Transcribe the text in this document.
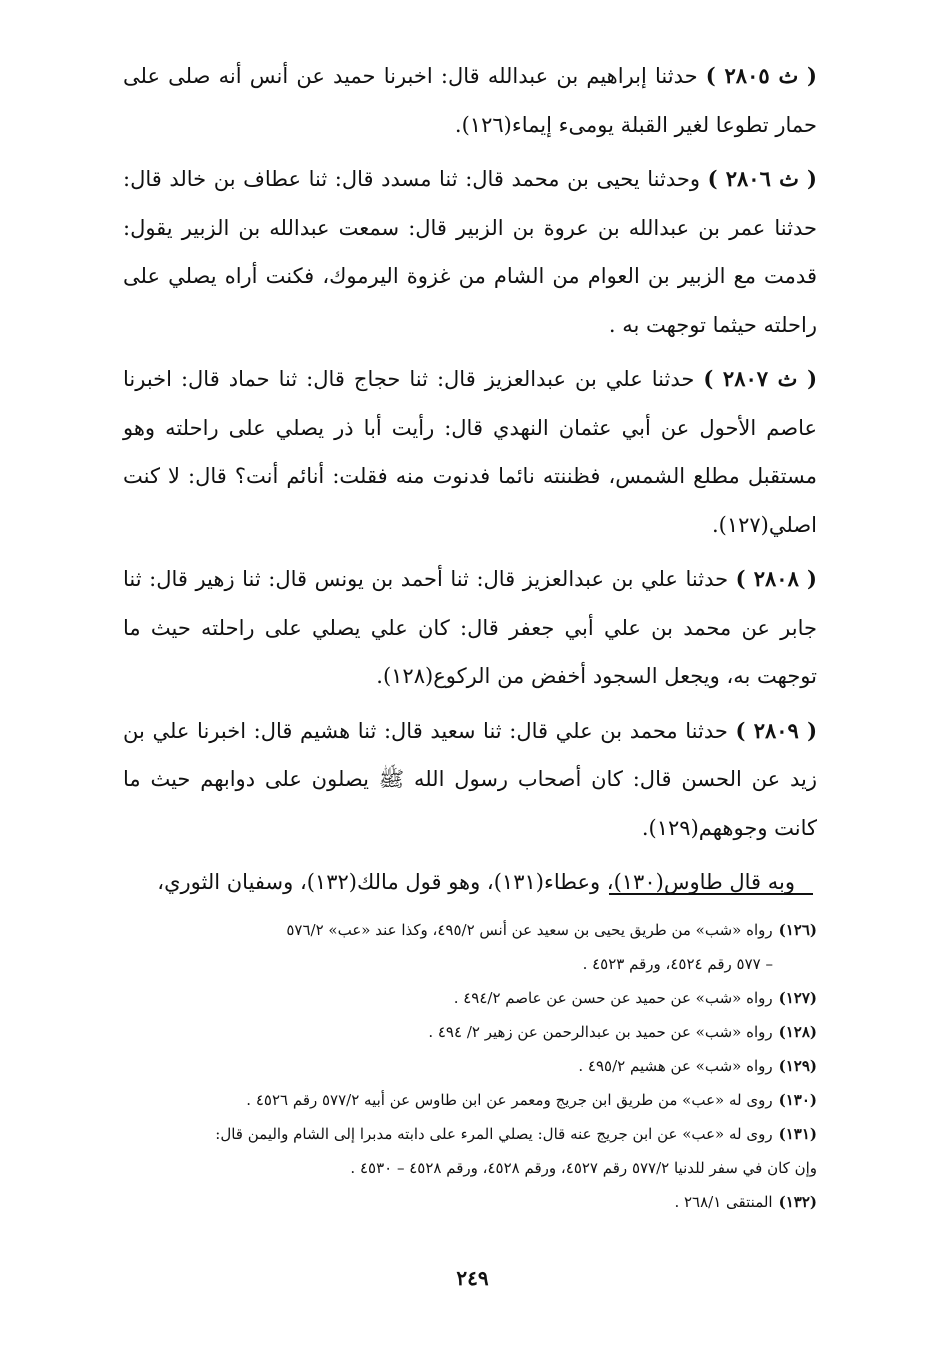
( ث ٢٨٠٥ ) حدثنا إبراهيم بن عبدالله قال: اخبرنا حميد عن أنس أنه صلى على حمار تطوعا لغير القبلة يومىء إيماء(١٢٦).

( ث ٢٨٠٦ ) وحدثنا يحيى بن محمد قال: ثنا مسدد قال: ثنا عطاف بن خالد قال: حدثنا عمر بن عبدالله بن عروة بن الزبير قال: سمعت عبدالله بن الزبير يقول: قدمت مع الزبير بن العوام من الشام من غزوة اليرموك، فكنت أراه يصلي على راحلته حيثما توجهت به .

( ث ٢٨٠٧ ) حدثنا علي بن عبدالعزيز قال: ثنا حجاج قال: ثنا حماد قال: اخبرنا عاصم الأحول عن أبي عثمان النهدي قال: رأيت أبا ذر يصلي على راحلته وهو مستقبل مطلع الشمس، فظننته نائما فدنوت منه فقلت: أنائم أنت؟ قال: لا كنت اصلي(١٢٧).

( ٢٨٠٨ ) حدثنا علي بن عبدالعزيز قال: ثنا أحمد بن يونس قال: ثنا زهير قال: ثنا جابر عن محمد بن علي أبي جعفر قال: كان علي يصلي على راحلته حيث ما توجهت به، ويجعل السجود أخفض من الركوع(١٢٨).

( ٢٨٠٩ ) حدثنا محمد بن علي قال: ثنا سعيد قال: ثنا هشيم قال: اخبرنا علي بن زيد عن الحسن قال: كان أصحاب رسول الله ﷺ يصلون على دوابهم حيث ما كانت وجوههم(١٢٩).

وبه قال طاوس(١٣٠)، وعطاء(١٣١)، وهو قول مالك(١٣٢)، وسفيان الثوري،

(١٢٦)رواه «شب» من طريق يحيى بن سعيد عن أنس ٤٩٥/٢، وكذا عند «عب» ٥٧٦/٢
– ٥٧٧ رقم ٤٥٢٤، ورقم ٤٥٢٣ .

(١٢٧)رواه «شب» عن حميد عن حسن عن عاصم ٤٩٤/٢ .

(١٢٨)رواه «شب» عن حميد بن عبدالرحمن عن زهير ٢/ ٤٩٤ .

(١٢٩)رواه «شب» عن هشيم ٤٩٥/٢ .

(١٣٠)روى له «عب» من طريق ابن جريج ومعمر عن ابن طاوس عن أبيه ٥٧٧/٢ رقم ٤٥٢٦ .

(١٣١)روى له «عب» عن ابن جريج عنه قال: يصلي المرء على دابته مدبرا إلى الشام واليمن قال:
وإن كان في سفر للدنيا ٥٧٧/٢ رقم ٤٥٢٧، ورقم ٤٥٢٨، ورقم ٤٥٢٨ – ٤٥٣٠ .

(١٣٢)المنتقى ٢٦٨/١ .

٢٤٩
